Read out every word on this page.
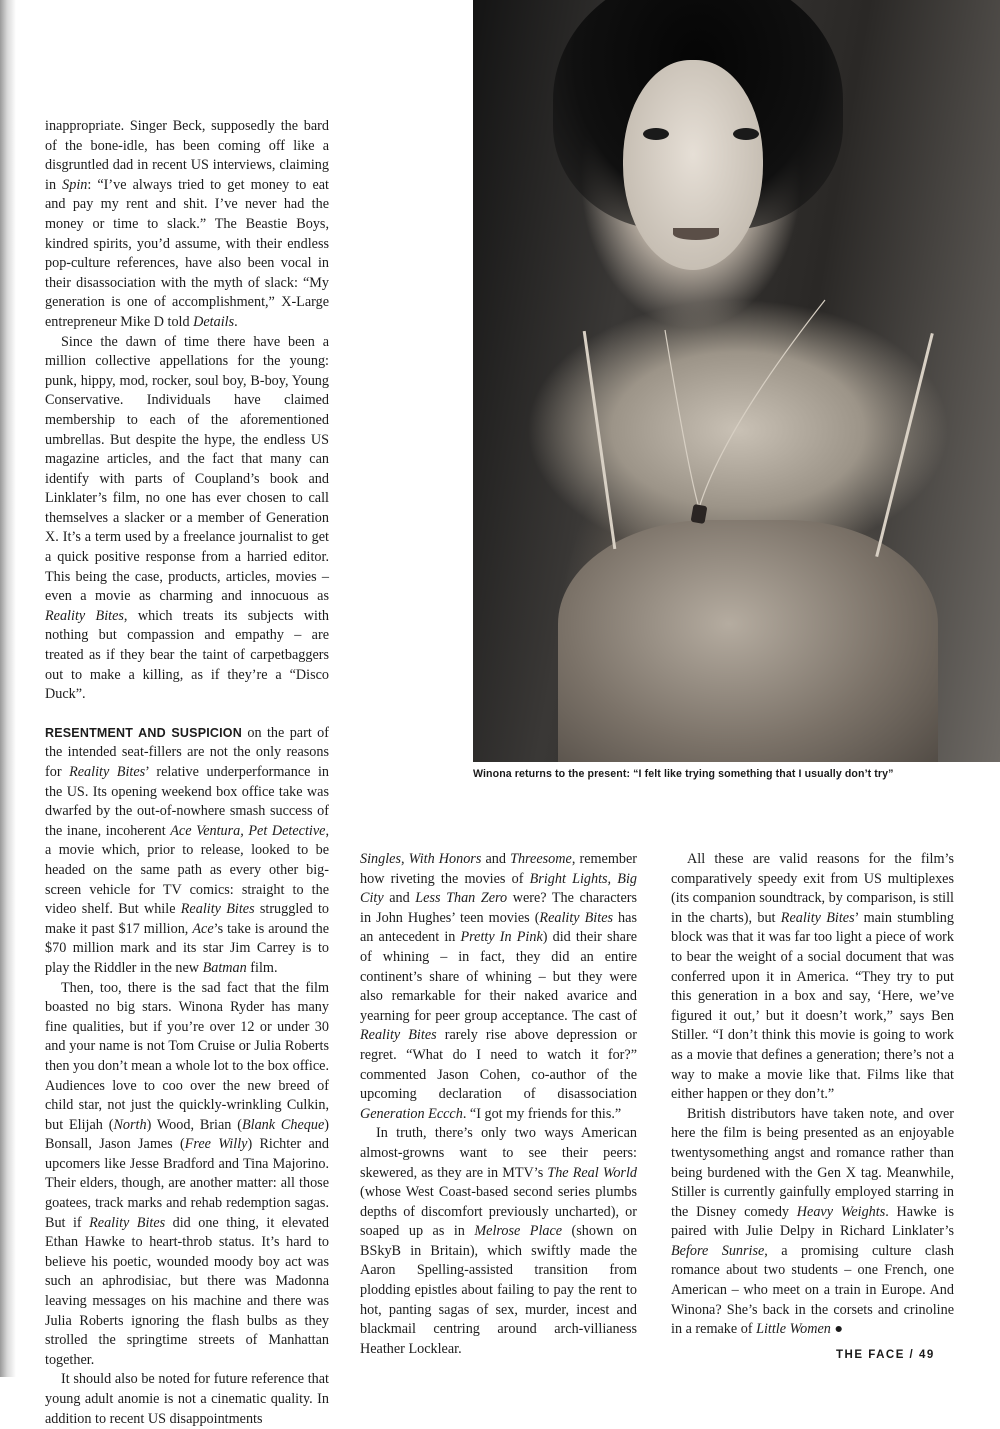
inappropriate. Singer Beck, supposedly the bard of the bone-idle, has been coming off like a disgruntled dad in recent US interviews, claiming in Spin: “I’ve always tried to get money to eat and pay my rent and shit. I’ve never had the money or time to slack.” The Beastie Boys, kindred spirits, you’d assume, with their endless pop-culture references, have also been vocal in their disassociation with the myth of slack: “My generation is one of accomplishment,” X-Large entrepreneur Mike D told Details.

Since the dawn of time there have been a million collective appellations for the young: punk, hippy, mod, rocker, soul boy, B-boy, Young Conservative. Individuals have claimed membership to each of the aforementioned umbrellas. But despite the hype, the endless US magazine articles, and the fact that many can identify with parts of Coupland’s book and Linklater’s film, no one has ever chosen to call themselves a slacker or a member of Generation X. It’s a term used by a freelance journalist to get a quick positive response from a harried editor. This being the case, products, articles, movies – even a movie as charming and innocuous as Reality Bites, which treats its subjects with nothing but compassion and empathy – are treated as if they bear the taint of carpetbaggers out to make a killing, as if they’re a “Disco Duck”.

RESENTMENT AND SUSPICION on the part of the intended seat-fillers are not the only reasons for Reality Bites’ relative underperformance in the US. Its opening weekend box office take was dwarfed by the out-of-nowhere smash success of the inane, incoherent Ace Ventura, Pet Detective, a movie which, prior to release, looked to be headed on the same path as every other big-screen vehicle for TV comics: straight to the video shelf. But while Reality Bites struggled to make it past $17 million, Ace’s take is around the $70 million mark and its star Jim Carrey is to play the Riddler in the new Batman film.

Then, too, there is the sad fact that the film boasted no big stars. Winona Ryder has many fine qualities, but if you’re over 12 or under 30 and your name is not Tom Cruise or Julia Roberts then you don’t mean a whole lot to the box office. Audiences love to coo over the new breed of child star, not just the quickly-wrinkling Culkin, but Elijah (North) Wood, Brian (Blank Cheque) Bonsall, Jason James (Free Willy) Richter and upcomers like Jesse Bradford and Tina Majorino. Their elders, though, are another matter: all those goatees, track marks and rehab redemption sagas. But if Reality Bites did one thing, it elevated Ethan Hawke to heart-throb status. It’s hard to believe his poetic, wounded moody boy act was such an aphrodisiac, but there was Madonna leaving messages on his machine and there was Julia Roberts ignoring the flash bulbs as they strolled the springtime streets of Manhattan together.

It should also be noted for future reference that young adult anomie is not a cinematic quality. In addition to recent US disappointments

Winona returns to the present: “I felt like trying something that I usually don’t try”

Singles, With Honors and Threesome, remember how riveting the movies of Bright Lights, Big City and Less Than Zero were? The characters in John Hughes’ teen movies (Reality Bites has an antecedent in Pretty In Pink) did their share of whining – in fact, they did an entire continent’s share of whining – but they were also remarkable for their naked avarice and yearning for peer group acceptance. The cast of Reality Bites rarely rise above depression or regret. “What do I need to watch it for?” commented Jason Cohen, co-author of the upcoming declaration of disassociation Generation Eccch. “I got my friends for this.”

In truth, there’s only two ways American almost-growns want to see their peers: skewered, as they are in MTV’s The Real World (whose West Coast-based second series plumbs depths of discomfort previously uncharted), or soaped up as in Melrose Place (shown on BSkyB in Britain), which swiftly made the Aaron Spelling-assisted transition from plodding epistles about failing to pay the rent to hot, panting sagas of sex, murder, incest and blackmail centring around arch-villianess Heather Locklear.

All these are valid reasons for the film’s comparatively speedy exit from US multiplexes (its companion soundtrack, by comparison, is still in the charts), but Reality Bites’ main stumbling block was that it was far too light a piece of work to bear the weight of a social document that was conferred upon it in America. “They try to put this generation in a box and say, ‘Here, we’ve figured it out,’ but it doesn’t work,” says Ben Stiller. “I don’t think this movie is going to work as a movie that defines a generation; there’s not a way to make a movie like that. Films like that either happen or they don’t.”

British distributors have taken note, and over here the film is being presented as an enjoyable twentysomething angst and romance rather than being burdened with the Gen X tag. Meanwhile, Stiller is currently gainfully employed starring in the Disney comedy Heavy Weights. Hawke is paired with Julie Delpy in Richard Linklater’s Before Sunrise, a promising culture clash romance about two students – one French, one American – who meet on a train in Europe. And Winona? She’s back in the corsets and crinoline in a remake of Little Women ●

THE FACE / 49
